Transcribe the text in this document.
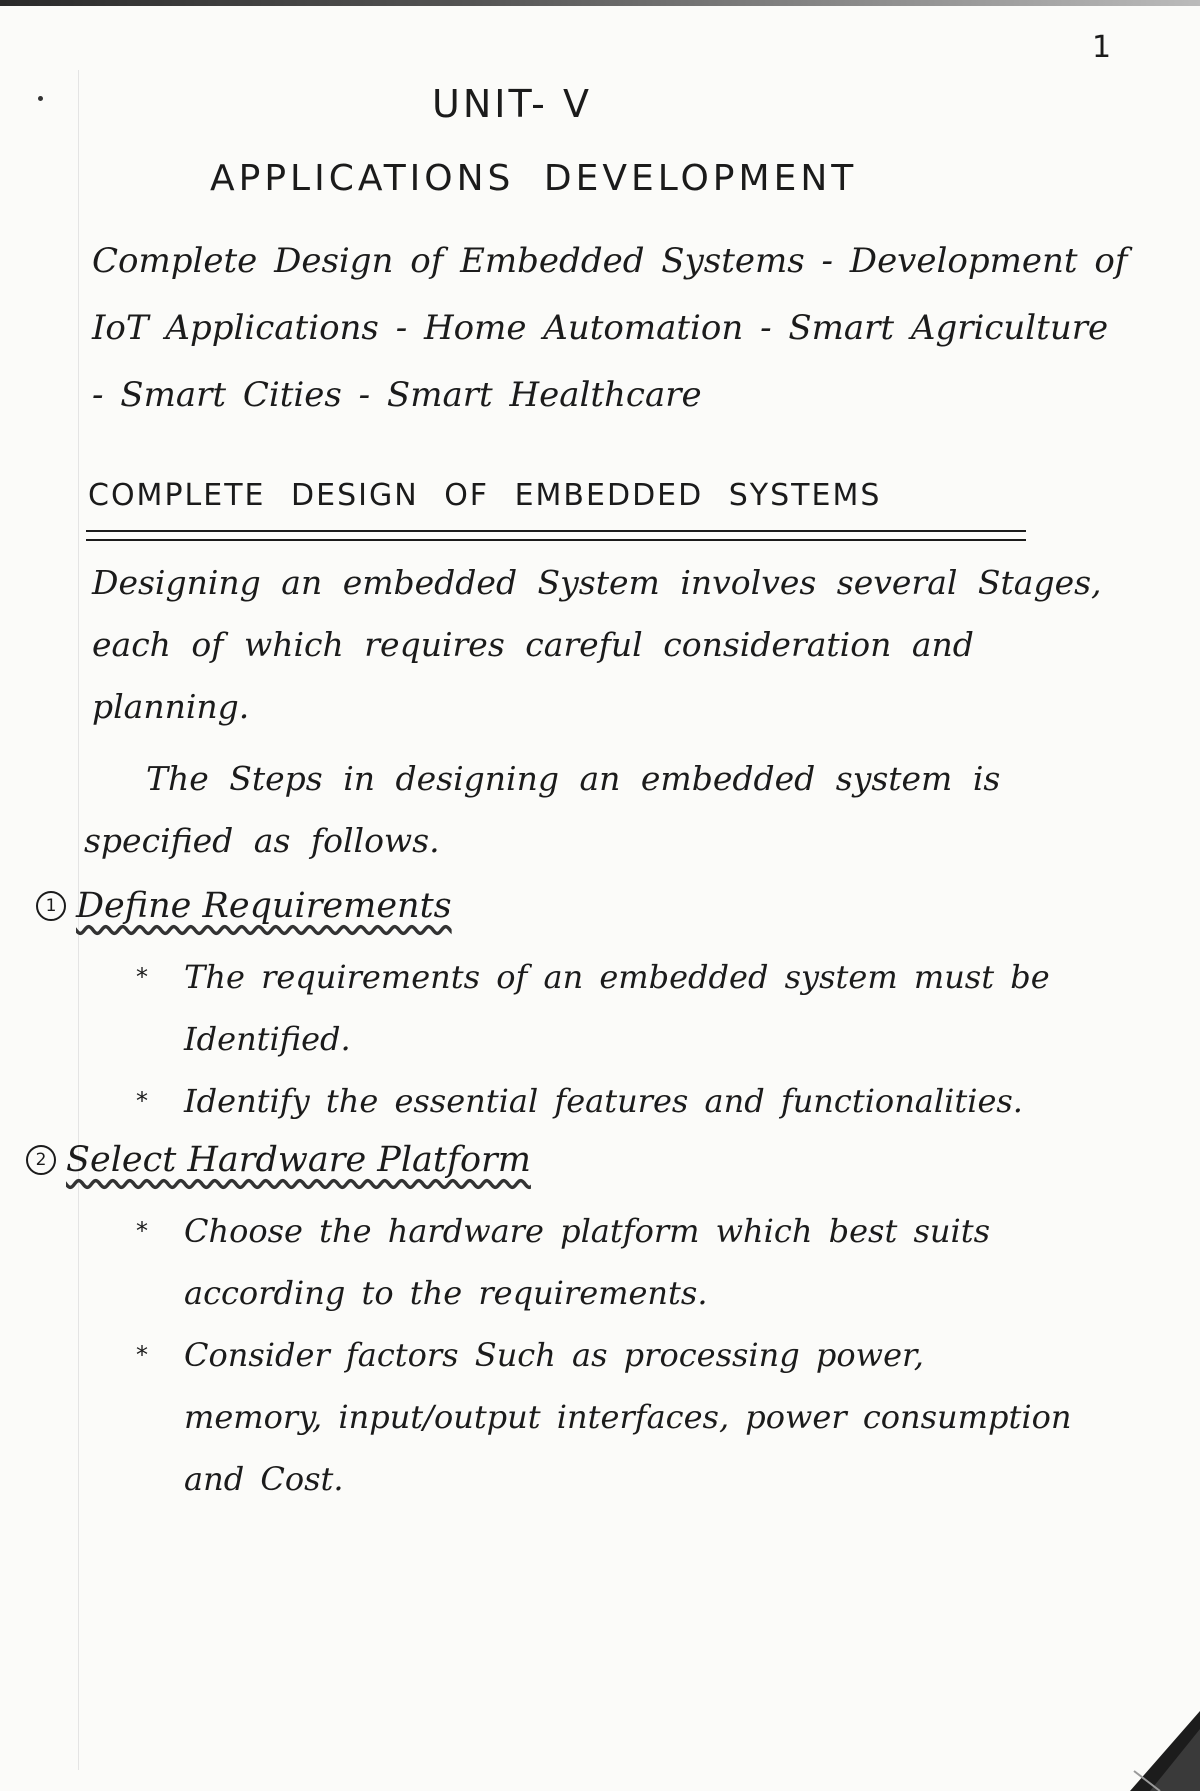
1
UNIT- V
APPLICATIONS DEVELOPMENT
Complete Design of Embedded Systems - Development of IoT Applications - Home Automation - Smart Agriculture - Smart Cities - Smart Healthcare
COMPLETE DESIGN OF EMBEDDED SYSTEMS
Designing an embedded System involves several Stages, each of which requires careful consideration and planning.
The Steps in designing an embedded system is specified as follows.
1 Define Requirements
* The requirements of an embedded system must be Identified.
* Identify the essential features and functionalities.
2 Select Hardware Platform
* Choose the hardware platform which best suits according to the requirements.
* Consider factors Such as processing power, memory, input/output interfaces, power consumption and Cost.
